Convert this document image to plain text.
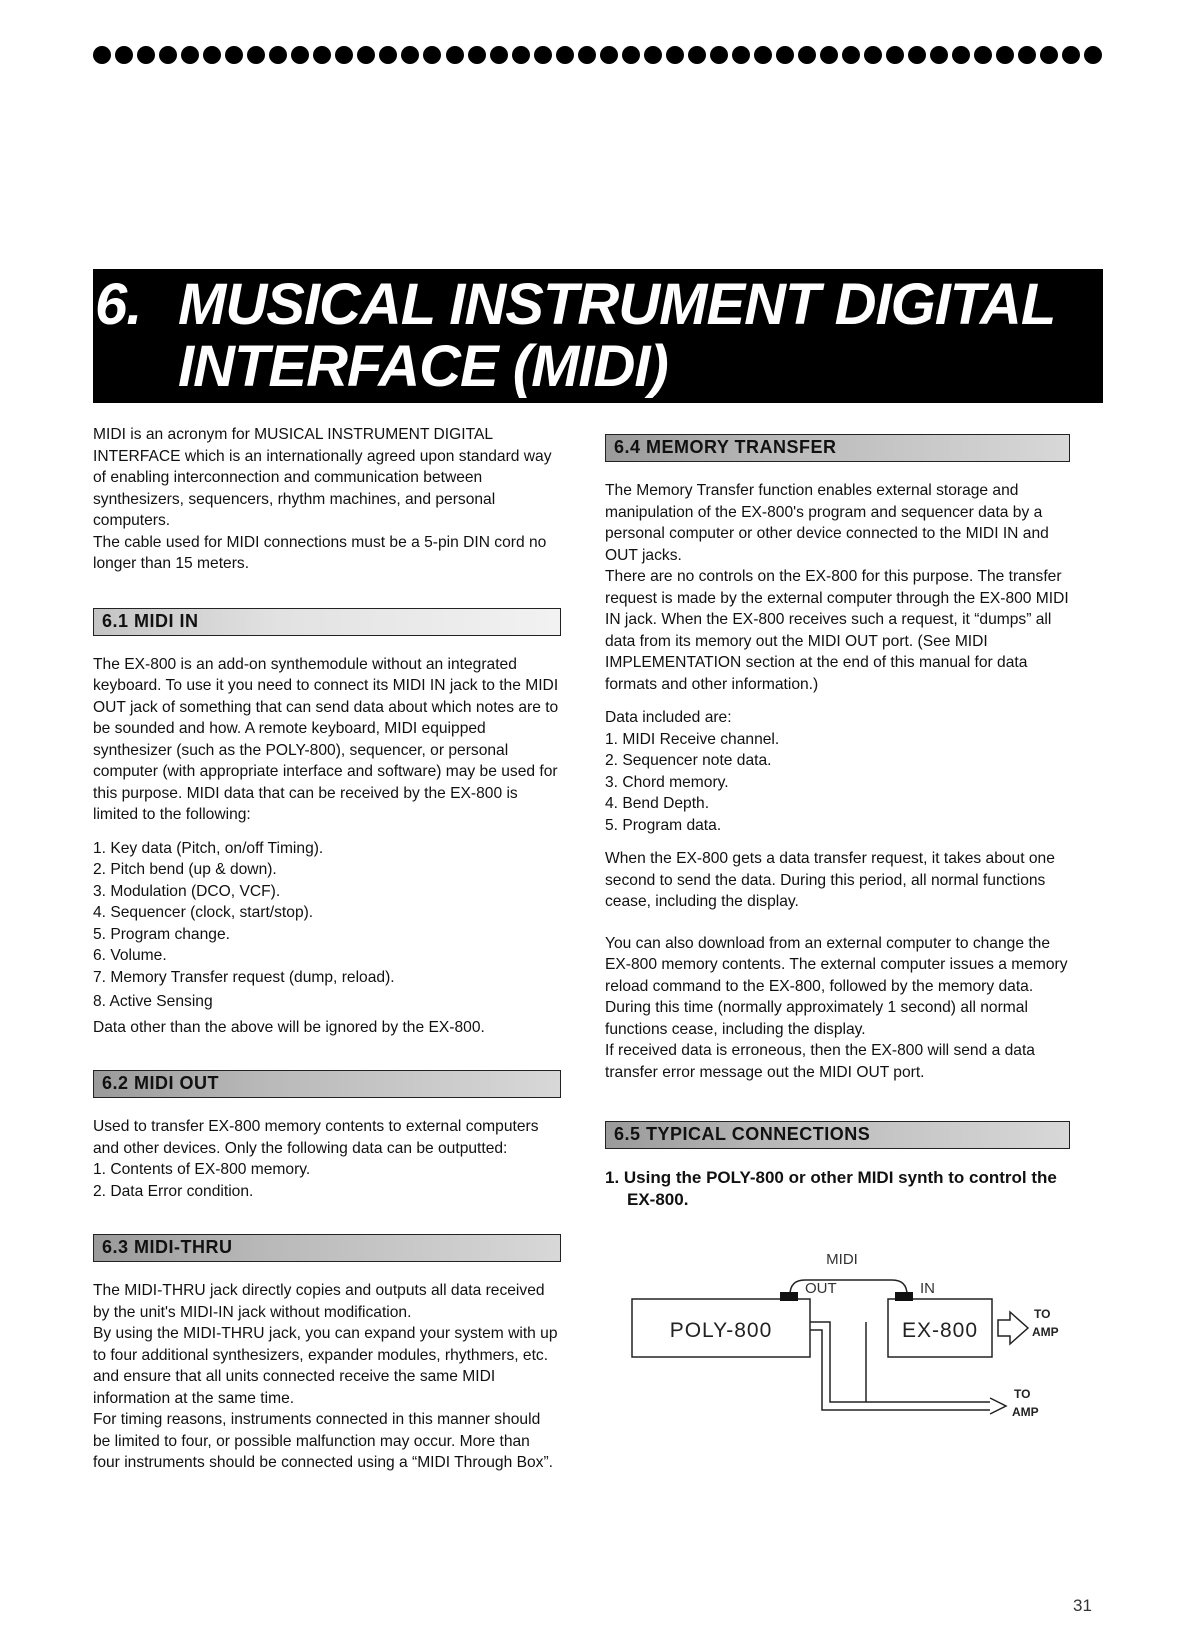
6. MUSICAL INSTRUMENT DIGITAL
INTERFACE (MIDI)

MIDI is an acronym for MUSICAL INSTRUMENT DIGITAL INTERFACE which is an internationally agreed upon standard way of enabling interconnection and communication between synthesizers, sequencers, rhythm machines, and personal computers.

The cable used for MIDI connections must be a 5-pin DIN cord no longer than 15 meters.

6.1 MIDI IN

The EX-800 is an add-on synthemodule without an integrated keyboard. To use it you need to connect its MIDI IN jack to the MIDI OUT jack of something that can send data about which notes are to be sounded and how. A remote keyboard, MIDI equipped synthesizer (such as the POLY-800), sequencer, or personal computer (with appropriate interface and software) may be used for this purpose. MIDI data that can be received by the EX-800 is limited to the following:

1. Key data (Pitch, on/off Timing).
2. Pitch bend (up & down).
3. Modulation (DCO, VCF).
4. Sequencer (clock, start/stop).
5. Program change.
6. Volume.
7. Memory Transfer request (dump, reload).
8. Active Sensing

Data other than the above will be ignored by the EX-800.

6.2 MIDI OUT

Used to transfer EX-800 memory contents to external computers and other devices. Only the following data can be outputted:

1. Contents of EX-800 memory.
2. Data Error condition.
6.3 MIDI-THRU

The MIDI-THRU jack directly copies and outputs all data received by the unit's MIDI-IN jack without modification.

By using the MIDI-THRU jack, you can expand your system with up to four additional synthesizers, expander modules, rhythmers, etc. and ensure that all units connected receive the same MIDI information at the same time.

For timing reasons, instruments connected in this manner should be limited to four, or possible malfunction may occur. More than four instruments should be connected using a “MIDI Through Box”.

6.4 MEMORY TRANSFER

The Memory Transfer function enables external storage and manipulation of the EX-800's program and sequencer data by a personal computer or other device connected to the MIDI IN and OUT jacks.

There are no controls on the EX-800 for this purpose. The transfer request is made by the external computer through the EX-800 MIDI IN jack. When the EX-800 receives such a request, it “dumps” all data from its memory out the MIDI OUT port. (See MIDI IMPLEMENTATION section at the end of this manual for data formats and other information.)

Data included are:

1. MIDI Receive channel.
2. Sequencer note data.
3. Chord memory.
4. Bend Depth.
5. Program data.

When the EX-800 gets a data transfer request, it takes about one second to send the data. During this period, all normal functions cease, including the display.

You can also download from an external computer to change the EX-800 memory contents. The external computer issues a memory reload command to the EX-800, followed by the memory data. During this time (normally approximately 1 second) all normal functions cease, including the display.

If received data is erroneous, then the EX-800 will send a data transfer error message out the MIDI OUT port.

6.5 TYPICAL CONNECTIONS

1. Using the POLY-800 or other MIDI synth to control the EX-800.

MIDI
OUT
POLY-800
IN
EX-800
TO
AMP
TO
AMP
31
